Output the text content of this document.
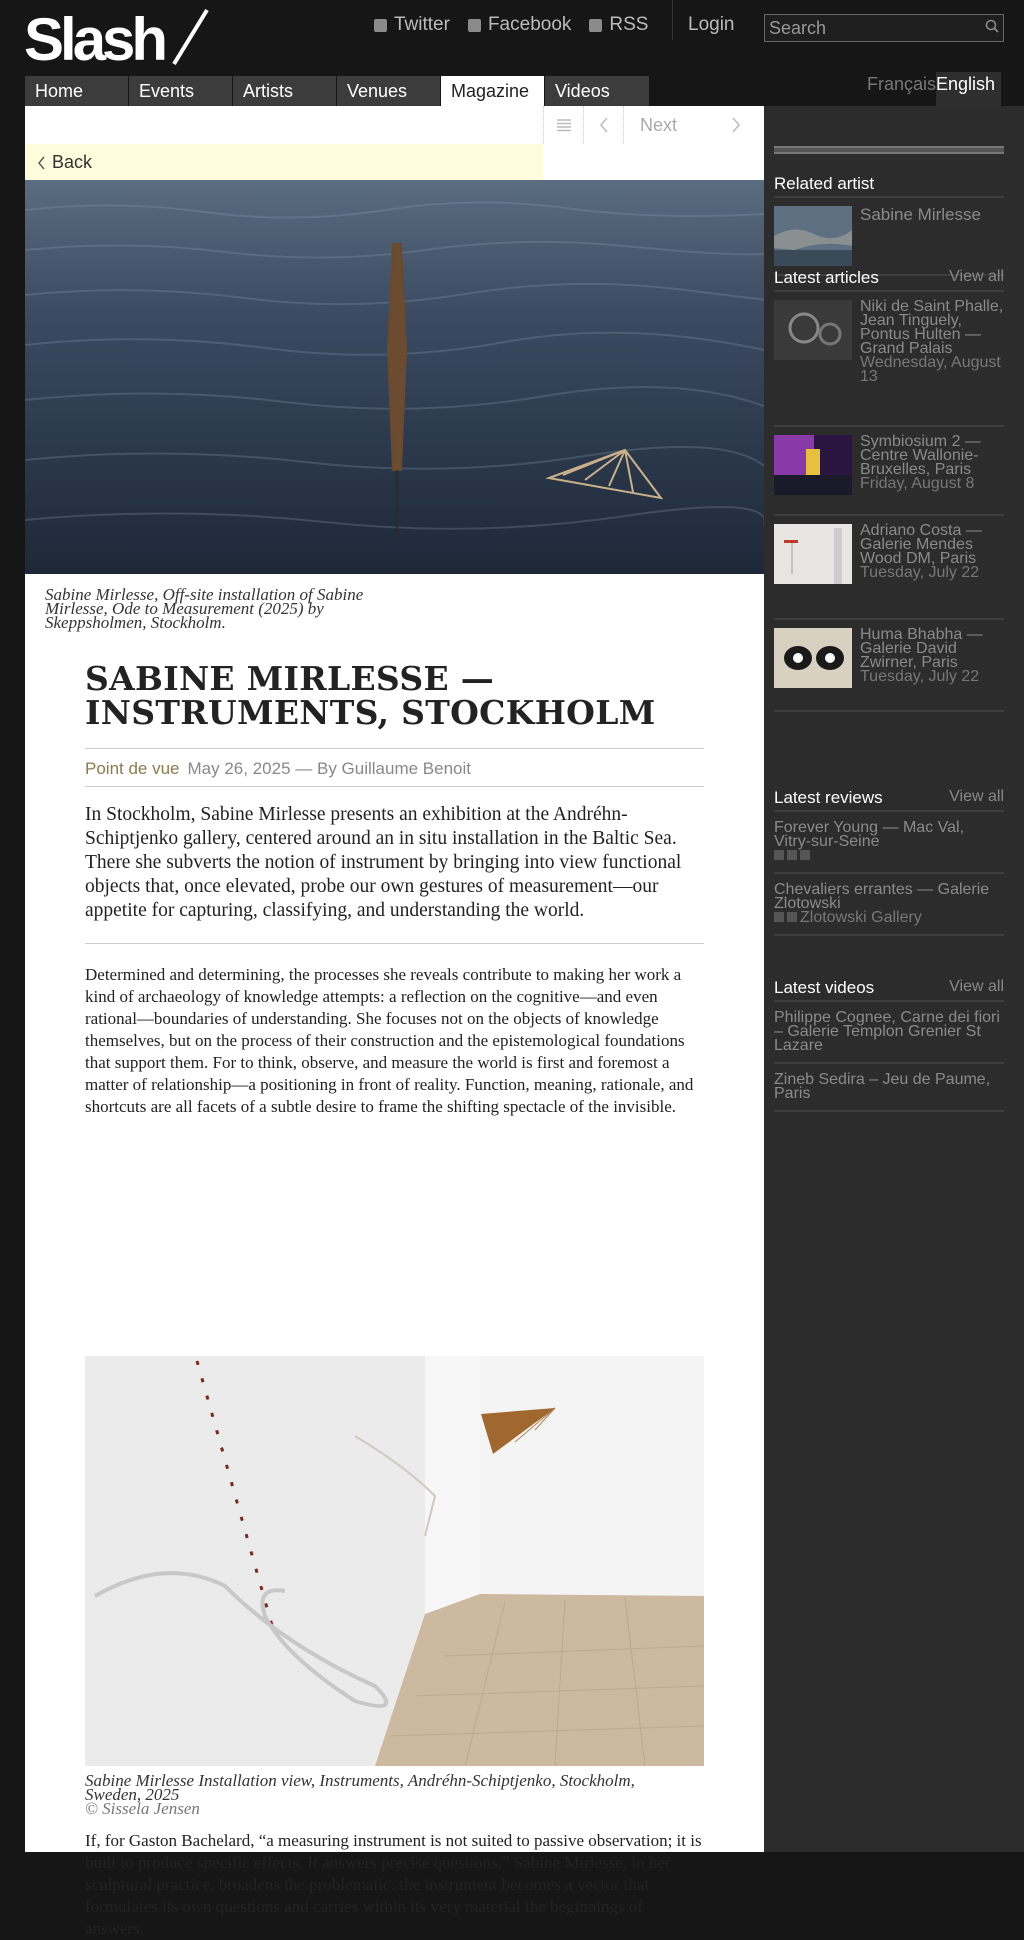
Slash	Twitter Facebook RSS Login
Search
Home	Events	Artists	Venues	Magazine	Videos	Français English
Next
Back
Sabine Mirlesse, Off-site installation of Sabine Mirlesse, Ode to Measurement (2025) by Skeppsholmen, Stockholm.
SABINE MIRLESSE — INSTRUMENTS, STOCKHOLM
Point de vue May 26, 2025 — By Guillaume Benoit

In Stockholm, Sabine Mirlesse presents an exhibition at the Andréhn-Schiptjenko gallery, centered around an in situ installation in the Baltic Sea. There she subverts the notion of instrument by bringing into view functional objects that, once elevated, probe our own gestures of measurement—our appetite for capturing, classifying, and understanding the world.

Determined and determining, the processes she reveals contribute to making her work a kind of archaeology of knowledge attempts: a reflection on the cognitive—and even rational—boundaries of understanding. She focuses not on the objects of knowledge themselves, but on the process of their construction and the epistemological foundations that support them. For to think, observe, and measure the world is first and foremost a matter of relationship—a positioning in front of reality. Function, meaning, rationale, and shortcuts are all facets of a subtle desire to frame the shifting spectacle of the invisible.

Sabine Mirlesse Installation view, Instruments, Andréhn-Schiptjenko, Stockholm, Sweden, 2025
© Sissela Jensen

If, for Gaston Bachelard, “a measuring instrument is not suited to passive observation; it is built to produce specific effects. It answers precise questions,” Sabine Mirlesse, in her sculptural practice, broadens the problematic: the instrument becomes a vector that formulates its own questions and carries within its very material the beginnings of answers.

Related artist
Sabine Mirlesse
Latest articles	View all
Niki de Saint Phalle, Jean Tinguely, Pontus Hulten — Grand Palais
Wednesday, August 13
Symbiosium 2 — Centre Wallonie-Bruxelles, Paris
Friday, August 8
Adriano Costa — Galerie Mendes Wood DM, Paris
Tuesday, July 22
Huma Bhabha — Galerie David Zwirner, Paris
Tuesday, July 22
Latest reviews	View all
Forever Young — Mac Val, Vitry-sur-Seine

Chevaliers errantes — Galerie Zlotowski
Zlotowski Gallery
Latest videos	View all
Philippe Cognee, Carne dei fiori – Galerie Templon Grenier St Lazare
Zineb Sedira – Jeu de Paume, Paris
